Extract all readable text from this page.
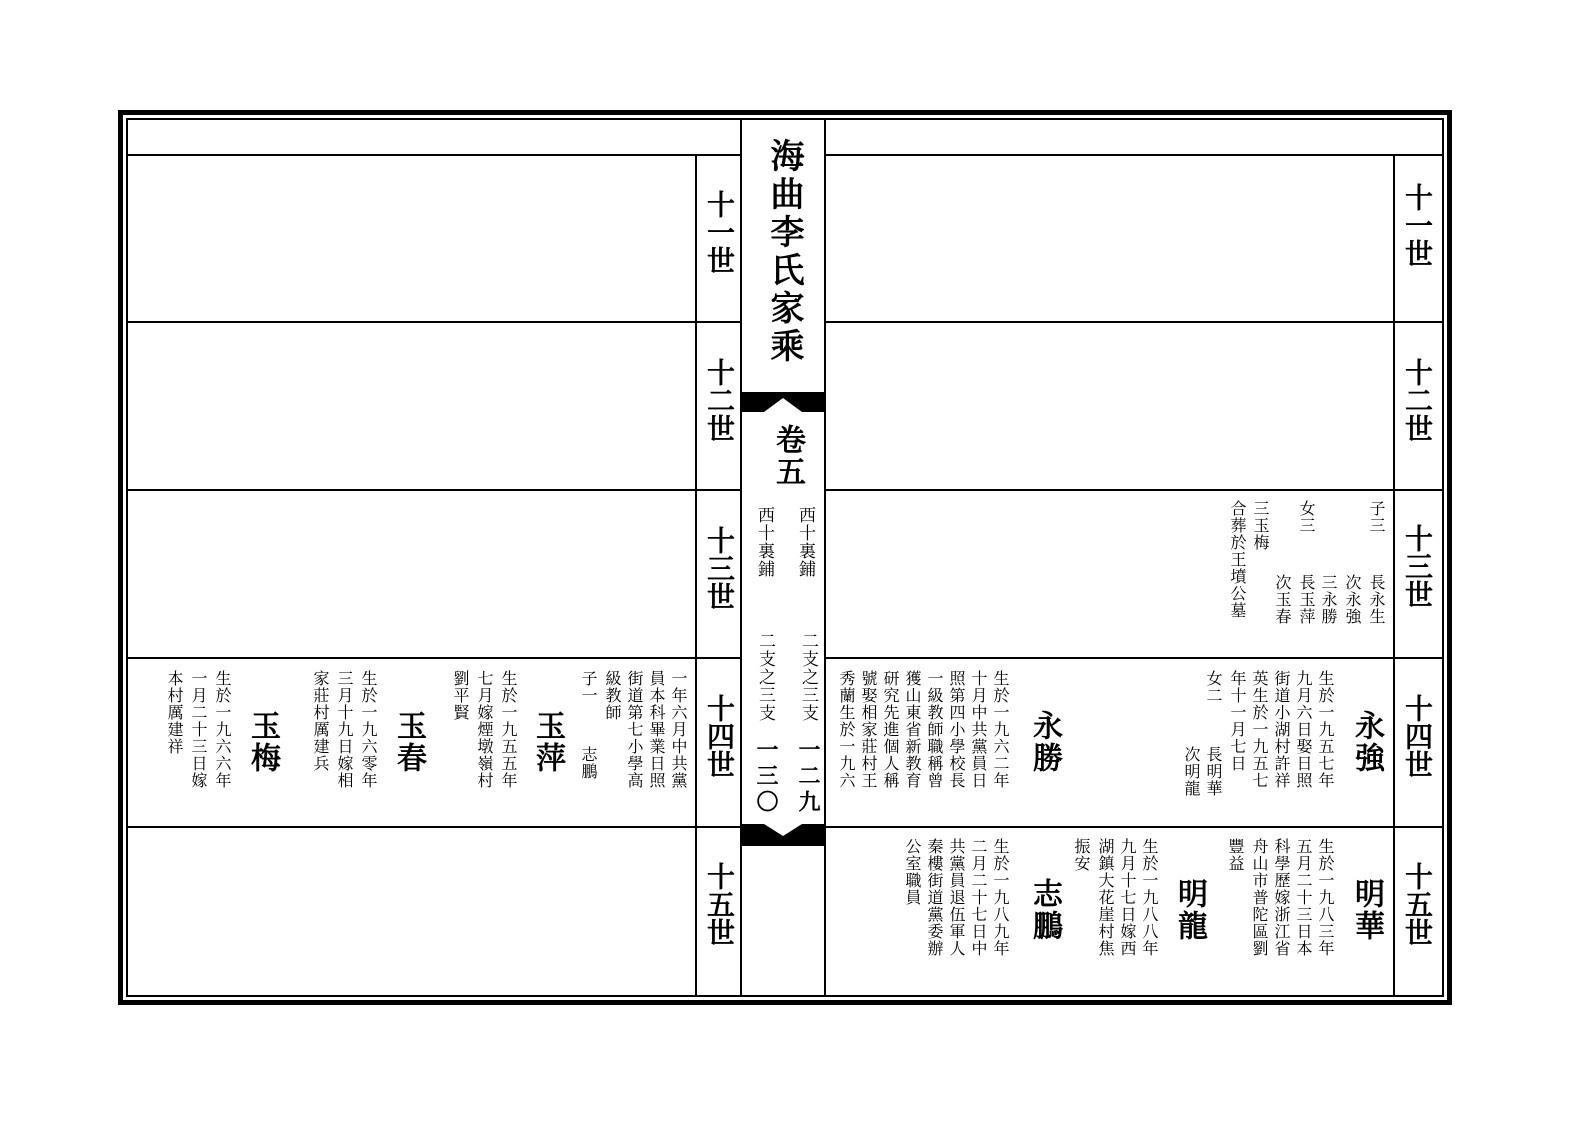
十一世
十二世
十三世
十四世
十五世
十一世
十二世
十三世
十四世
十五世
海曲李氏家乘
卷五
西十裏鋪
二支之三支
一二九
西十裏鋪
二支之三支
一三〇
子三
長永生
次永強
三永勝
女三
長玉萍
次玉春
三玉梅
合葬於王墳公墓
永強
生於一九五七年
九月六日娶日照
街道小湖村許祥
英生於一九五七
年十一月七日
女二
長明華
次明龍
永勝
生於一九六二年
十月中共黨員日
照第四小學校長
一級教師職稱曾
獲山東省新教育
研究先進個人稱
號娶相家莊村王
秀蘭生於一九六
明華
生於一九八三年
五月二十三日本
科學歷嫁浙江省
舟山市普陀區劉
豐益
明龍
生於一九八八年
九月十七日嫁西
湖鎮大花崖村焦
振安
志鵬
生於一九八九年
二月二十七日中
共黨員退伍軍人
秦樓街道黨委辦
公室職員
一年六月中共黨
員本科畢業日照
街道第七小學高
級教師
子一
志鵬
玉萍
生於一九五五年
七月嫁煙墩嶺村
劉平賢
玉春
生於一九六零年
三月十九日嫁相
家莊村厲建兵
玉梅
生於一九六六年
一月二十三日嫁
本村厲建祥
